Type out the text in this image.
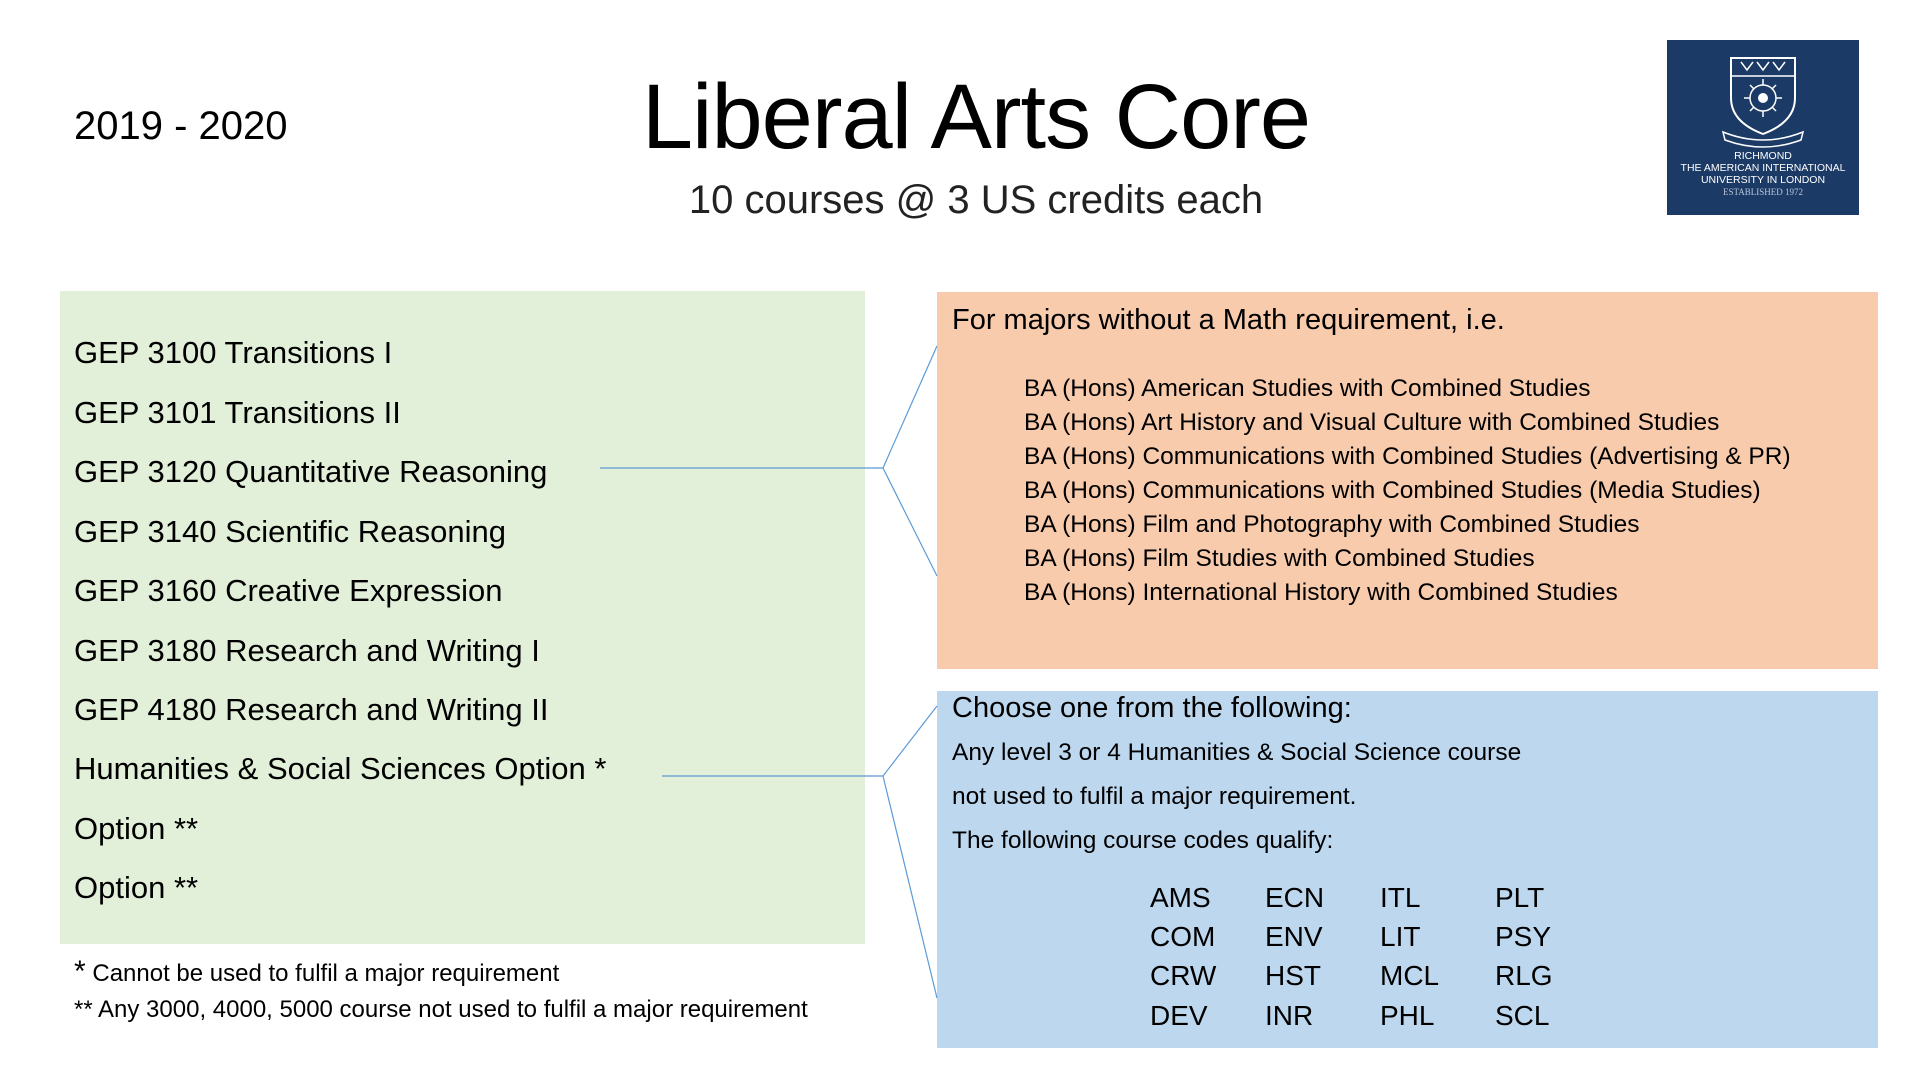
2019 - 2020	Liberal Arts Core
10 courses @ 3 US credits each
RICHMOND
THE AMERICAN INTERNATIONAL
UNIVERSITY IN LONDON
ESTABLISHED 1972
GEP 3100 Transitions I
GEP 3101 Transitions II
GEP 3120 Quantitative Reasoning
GEP 3140 Scientific Reasoning
GEP 3160 Creative Expression
GEP 3180 Research and Writing I
GEP 4180 Research and Writing II
Humanities & Social Sciences Option *
Option **
Option **
* Cannot be used to fulfil a major requirement
** Any 3000, 4000, 5000 course not used to fulfil a major requirement
For majors without a Math requirement, i.e.
BA (Hons) American Studies with Combined Studies
BA (Hons) Art History and Visual Culture with Combined Studies
BA (Hons) Communications with Combined Studies (Advertising & PR)
BA (Hons) Communications with Combined Studies (Media Studies)
BA (Hons) Film and Photography with Combined Studies
BA (Hons) Film Studies with Combined Studies
BA (Hons) International History with Combined Studies
Choose one from the following:
Any level 3 or 4 Humanities & Social Science course
not used to fulfil a major requirement.
The following course codes qualify:
AMS	ECN	ITL	PLT
COM	ENV	LIT	PSY
CRW	HST	MCL	RLG
DEV	INR	PHL	SCL
